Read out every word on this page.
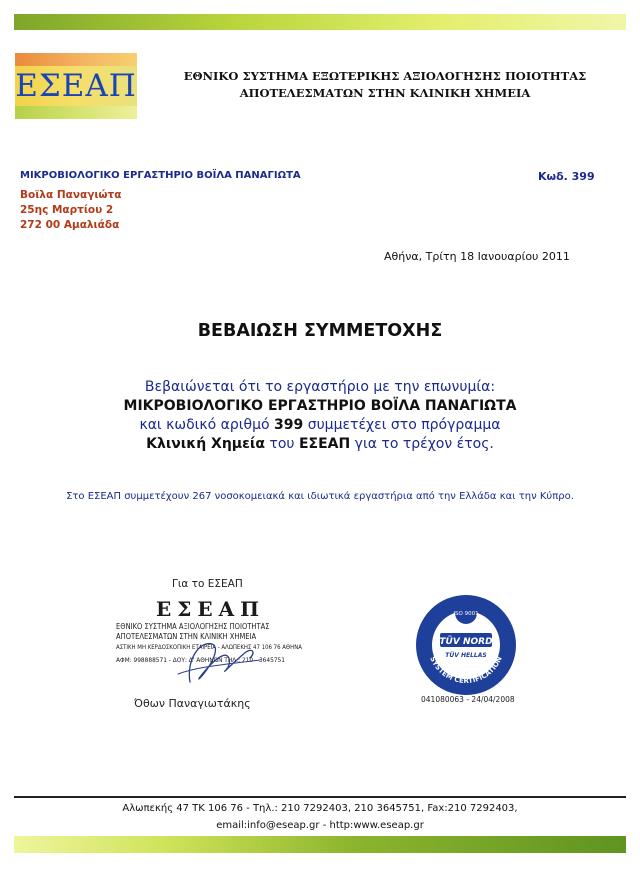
ΕΣΕΑΠ	ΕΘΝΙΚΟ ΣΥΣΤΗΜΑ ΕΞΩΤΕΡΙΚΗΣ ΑΞΙΟΛΟΓΗΣΗΣ ΠΟΙΟΤΗΤΑΣ
ΑΠΟΤΕΛΕΣΜΑΤΩΝ ΣΤΗΝ ΚΛΙΝΙΚΗ ΧΗΜΕΙΑ
ΜΙΚΡΟΒΙΟΛΟΓΙΚΟ ΕΡΓΑΣΤΗΡΙΟ ΒΟΪΛΑ ΠΑΝΑΓΙΩΤΑ	Κωδ. 399
Βοϊλα Παναγιώτα
25ης Μαρτίου 2
272 00 Αμαλιάδα
Αθήνα, Τρίτη 18 Ιανουαρίου 2011
ΒΕΒΑΙΩΣΗ ΣΥΜΜΕΤΟΧΗΣ
Βεβαιώνεται ότι το εργαστήριο με την επωνυμία:
ΜΙΚΡΟΒΙΟΛΟΓΙΚΟ ΕΡΓΑΣΤΗΡΙΟ ΒΟΪΛΑ ΠΑΝΑΓΙΩΤΑ
και κωδικό αριθμό 399 συμμετέχει στο πρόγραμμα
Κλινική Χημεία του ΕΣΕΑΠ για το τρέχον έτος.
Στο ΕΣΕΑΠ συμμετέχουν 267 νοσοκομειακά και ιδιωτικά εργαστήρια από την Ελλάδα και την Κύπρο.
Για το ΕΣΕΑΠ
ΕΣΕΑΠ
ΕΘΝΙΚΟ ΣΥΣΤΗΜΑ ΑΞΙΟΛΟΓΗΣΗΣ ΠΟΙΟΤΗΤΑΣ
ΑΠΟΤΕΛΕΣΜΑΤΩΝ ΣΤΗΝ ΚΛΙΝΙΚΗ ΧΗΜΕΙΑ
ΑΣΤΙΚΗ ΜΗ ΚΕΡΔΟΣΚΟΠΙΚΗ ΕΤΑΙΡΕΙΑ - ΑΛΩΠΕΚΗΣ 47 106 76 ΑΘΗΝΑ
ΑΦΜ: 998888571 - ΔΟΥ: Δ' ΑΘΗΝΩΝ ΤΗΛ.: 210 - 3645751
Όθων Παναγιωτάκης
ISO 9001
TÜV NORD
TÜV HELLAS
SYSTEM CERTIFICATION
041080063 - 24/04/2008
Αλωπεκής 47 ΤΚ 106 76 - Τηλ.: 210 7292403, 210 3645751, Fax:210 7292403,
email:info@eseap.gr - http:www.eseap.gr
